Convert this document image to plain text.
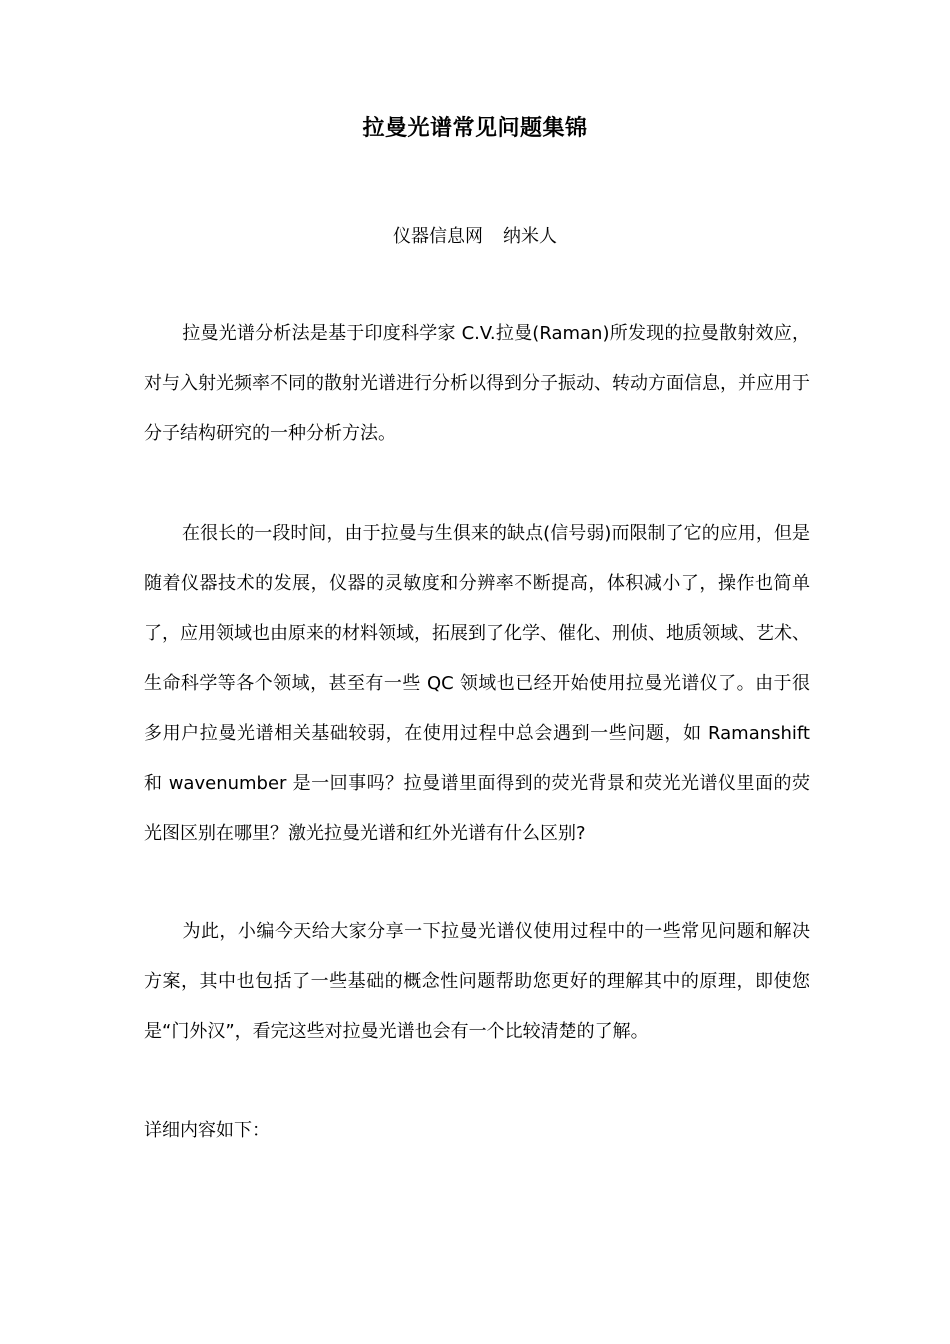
拉曼光谱常见问题集锦
仪器信息网 纳米人

拉曼光谱分析法是基于印度科学家 C.V.拉曼(Raman)所发现的拉曼散射效应，对与入射光频率不同的散射光谱进行分析以得到分子振动、转动方面信息，并应用于分子结构研究的一种分析方法。

在很长的一段时间，由于拉曼与生俱来的缺点(信号弱)而限制了它的应用，但是随着仪器技术的发展，仪器的灵敏度和分辨率不断提高，体积减小了，操作也简单了，应用领域也由原来的材料领域，拓展到了化学、催化、刑侦、地质领域、艺术、生命科学等各个领域，甚至有一些 QC 领域也已经开始使用拉曼光谱仪了。由于很多用户拉曼光谱相关基础较弱，在使用过程中总会遇到一些问题，如 Ramanshift 和 wavenumber 是一回事吗？拉曼谱里面得到的荧光背景和荧光光谱仪里面的荧光图区别在哪里？激光拉曼光谱和红外光谱有什么区别?

为此，小编今天给大家分享一下拉曼光谱仪使用过程中的一些常见问题和解决方案，其中也包括了一些基础的概念性问题帮助您更好的理解其中的原理，即使您是“门外汉”，看完这些对拉曼光谱也会有一个比较清楚的了解。

详细内容如下：
